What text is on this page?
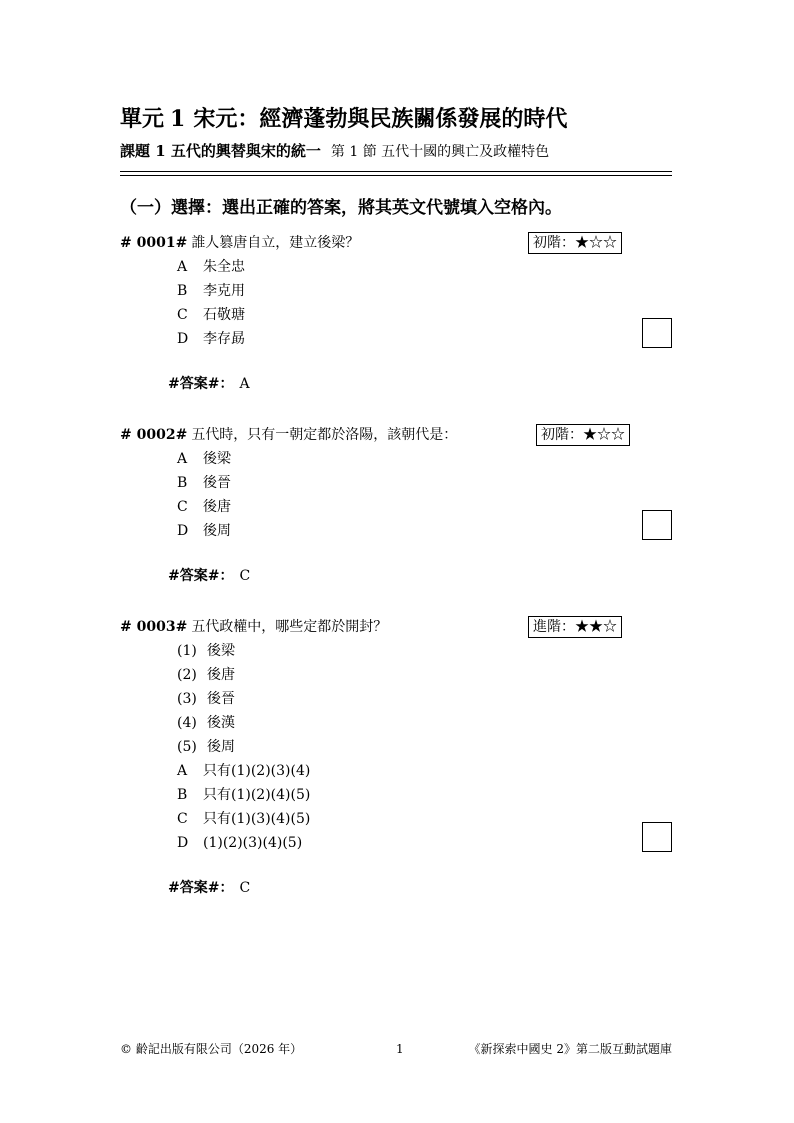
單元 1 宋元：經濟蓬勃與民族關係發展的時代
課題 1 五代的興替與宋的統一 第 1 節 五代十國的興亡及政權特色
（一）選擇：選出正確的答案，將其英文代號填入空格內。
# 0001# 誰人篡唐自立，建立後梁？	初階：★☆☆
A 朱全忠
B 李克用
C 石敬瑭
D 李存勗
#答案#： A
# 0002# 五代時，只有一朝定都於洛陽，該朝代是：	初階：★☆☆
A 後梁
B 後晉
C 後唐
D 後周
#答案#： C
# 0003# 五代政權中，哪些定都於開封？	進階：★★☆
(1) 後梁
(2) 後唐
(3) 後晉
(4) 後漢
(5) 後周
A 只有(1)(2)(3)(4)
B 只有(1)(2)(4)(5)
C 只有(1)(3)(4)(5)
D (1)(2)(3)(4)(5)
#答案#： C
© 齡記出版有限公司（2026 年）	1	《新探索中國史 2》第二版互動試題庫
